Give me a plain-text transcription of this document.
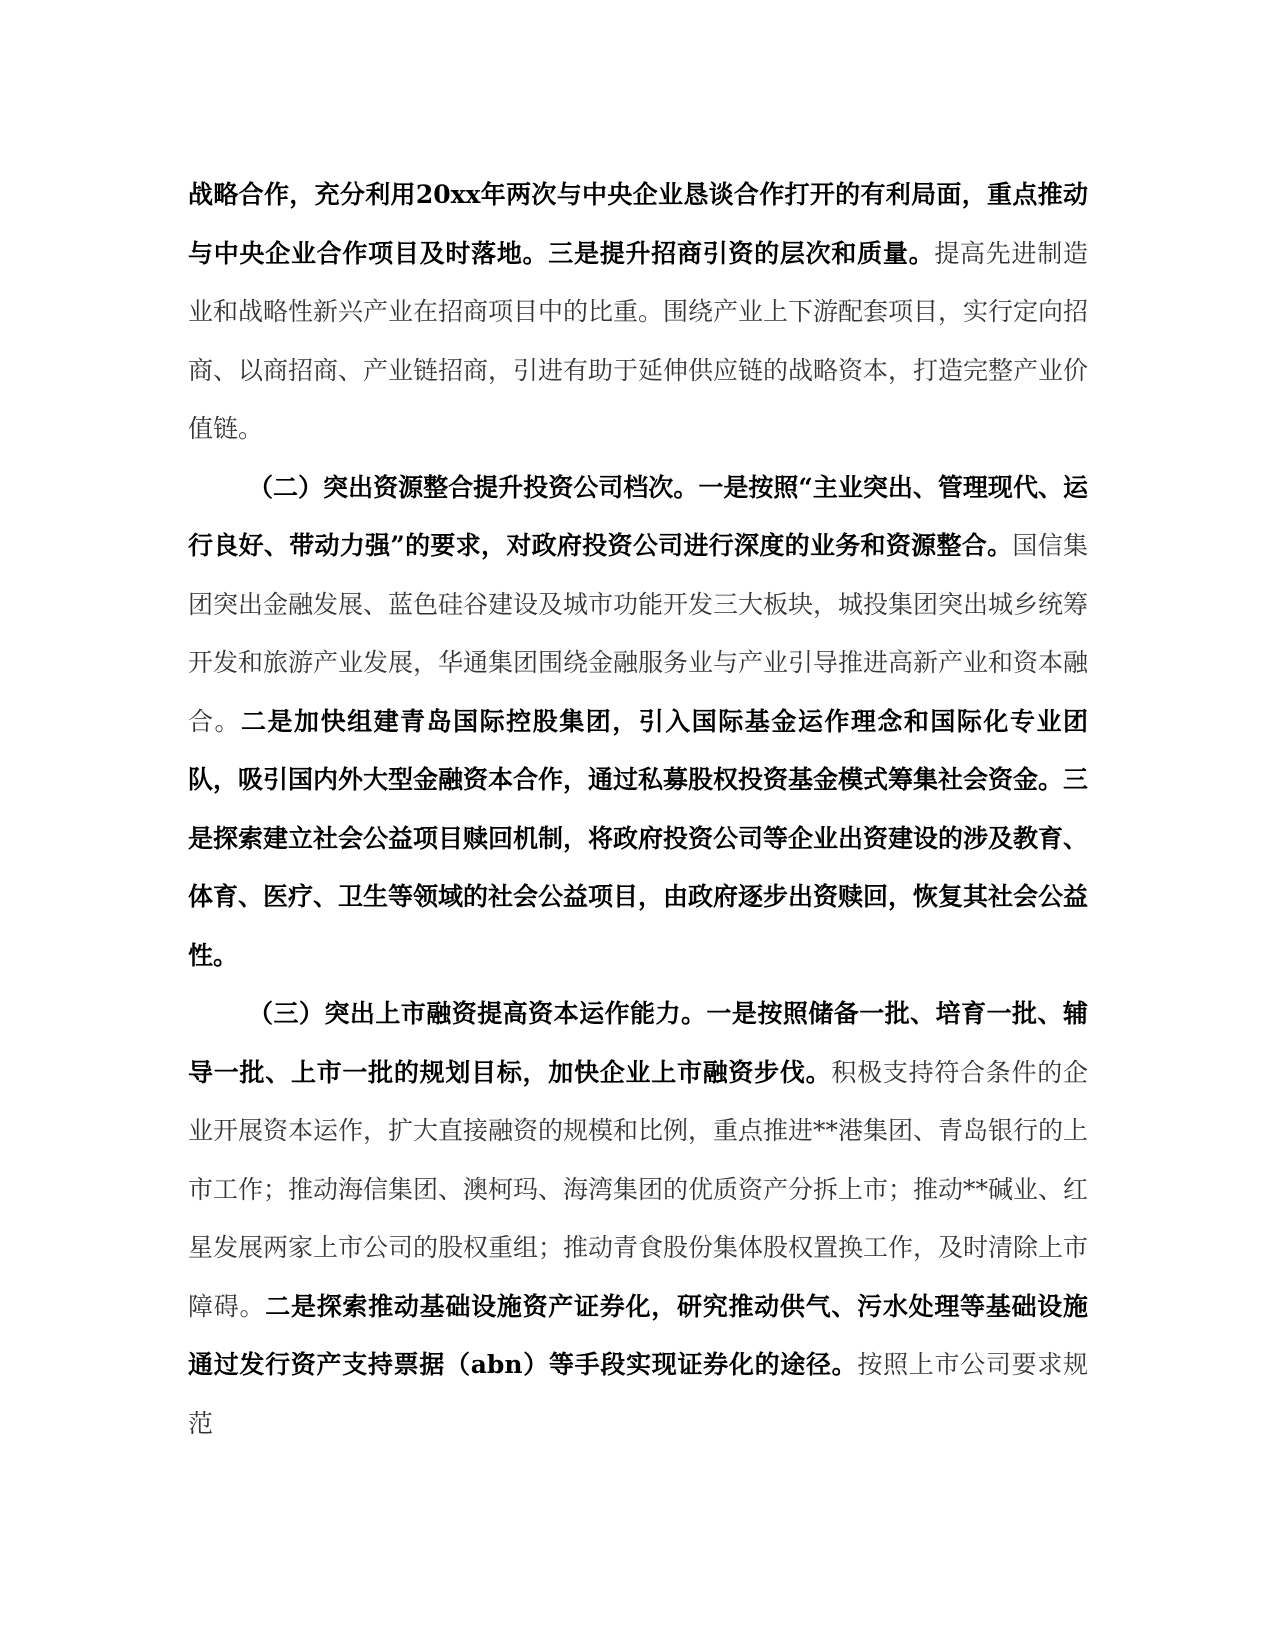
战略合作，充分利用20xx年两次与中央企业恳谈合作打开的有利局面，重点推动与中央企业合作项目及时落地。三是提升招商引资的层次和质量。提高先进制造业和战略性新兴产业在招商项目中的比重。围绕产业上下游配套项目，实行定向招商、以商招商、产业链招商，引进有助于延伸供应链的战略资本，打造完整产业价值链。

（二）突出资源整合提升投资公司档次。一是按照“主业突出、管理现代、运行良好、带动力强”的要求，对政府投资公司进行深度的业务和资源整合。国信集团突出金融发展、蓝色硅谷建设及城市功能开发三大板块，城投集团突出城乡统筹开发和旅游产业发展，华通集团围绕金融服务业与产业引导推进高新产业和资本融合。二是加快组建青岛国际控股集团，引入国际基金运作理念和国际化专业团队，吸引国内外大型金融资本合作，通过私募股权投资基金模式筹集社会资金。三是探索建立社会公益项目赎回机制，将政府投资公司等企业出资建设的涉及教育、体育、医疗、卫生等领域的社会公益项目，由政府逐步出资赎回，恢复其社会公益性。

（三）突出上市融资提高资本运作能力。一是按照储备一批、培育一批、辅导一批、上市一批的规划目标，加快企业上市融资步伐。积极支持符合条件的企业开展资本运作，扩大直接融资的规模和比例，重点推进**港集团、青岛银行的上市工作；推动海信集团、澳柯玛、海湾集团的优质资产分拆上市；推动**碱业、红星发展两家上市公司的股权重组；推动青食股份集体股权置换工作，及时清除上市障碍。二是探索推动基础设施资产证券化，研究推动供气、污水处理等基础设施通过发行资产支持票据（abn）等手段实现证券化的途径。按照上市公司要求规范
